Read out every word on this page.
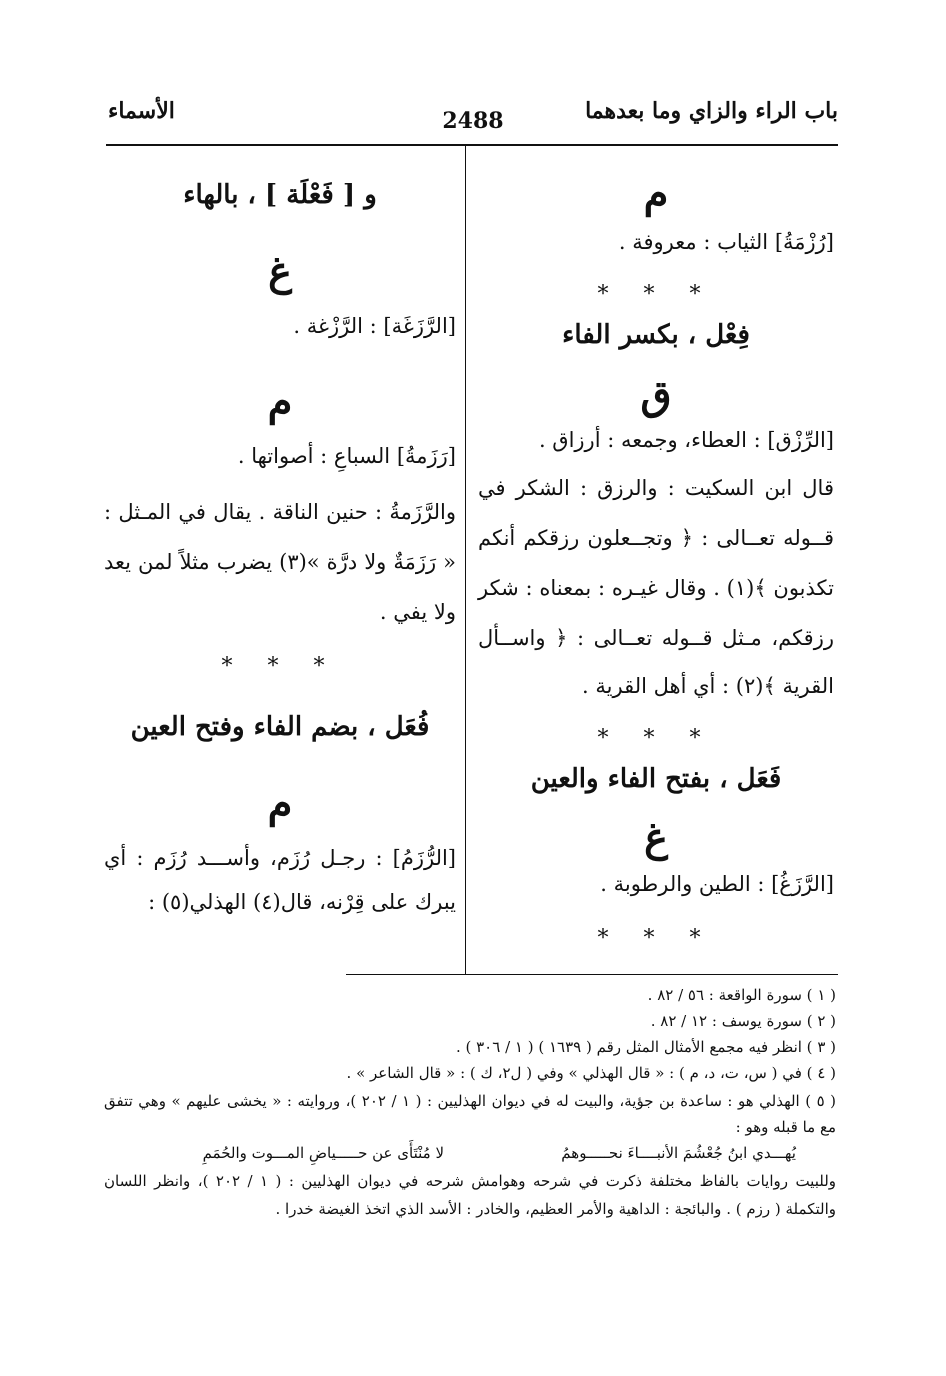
باب الراء والزاي وما بعدهما
2488
الأسماء
م
[رُزْمَةُ] الثياب : معروفة .
* * *
فِعْل ، بكسر الفاء
ق
[الرِّزْق] : العطاء، وجمعه : أرزاق .
قال ابن السكيت : والرزق : الشكر في
قــوله تعــالى : ﴿ وتجــعلون رزقكم أنكم
تكذبون ﴾(١) . وقال غيـره : بمعناه : شكر
رزقكم، مـثل قــوله تعــالى : ﴿ واســأل
القرية ﴾(٢) : أي أهل القرية .
* * *
فَعَل ، بفتح الفاء والعين
غ
[الرَّزَغُ] : الطين والرطوبة .
* * *
و [ فَعْلَة ] ، بالهاء
غ
[الرَّزَغَة] : الرَّزْغة .
م
[رَزَمةُ] السباعِ : أصواتها .
والرَّزَمةُ : حنين الناقة . يقال في المـثل :
« رَزَمَةٌ ولا درَّة »(٣) يضرب مثلاً لمن يعد
ولا يفي .
* * *
فُعَل ، بضم الفاء وفتح العين
م
[الرُّزَمُ] : رجـل رُزَم، وأســـد رُزَم : أي
يبرك على قِرْنه، قال(٤) الهذلي(٥) :
( ١ ) سورة الواقعة : ٥٦ / ٨٢ .
( ٢ ) سورة يوسف : ١٢ / ٨٢ .
( ٣ ) انظر فيه مجمع الأمثال المثل رقم ( ١٦٣٩ ) ( ١ / ٣٠٦ ) .
( ٤ ) في ( س، ت، د، م ) : « قال الهذلي » وفي ( ل٢، ك ) : « قال الشاعر » .
( ٥ ) الهذلي هو : ساعدة بن جؤية، والبيت له في ديوان الهذليين : ( ١ / ٢٠٢ )، وروايته : « يخشى عليهم » وهي تتفق
مع ما قبله وهو :
يُهـــدي ابنُ جُعْشُمَ الأنبــــاءَ نحـــــوهمُ
لا مُنْتَأَى عن حـــــياضِ المـــوت والحُمَمِ
وللبيت روايات بالفاظ مختلفة ذكرت في شرحه وهوامش شرحه في ديوان الهذليين : ( ١ / ٢٠٢ )، وانظر اللسان
والتكملة ( رزم ) . والبائجة : الداهية والأمر العظيم، والخادر : الأسد الذي اتخذ الغيضة خدرا .
